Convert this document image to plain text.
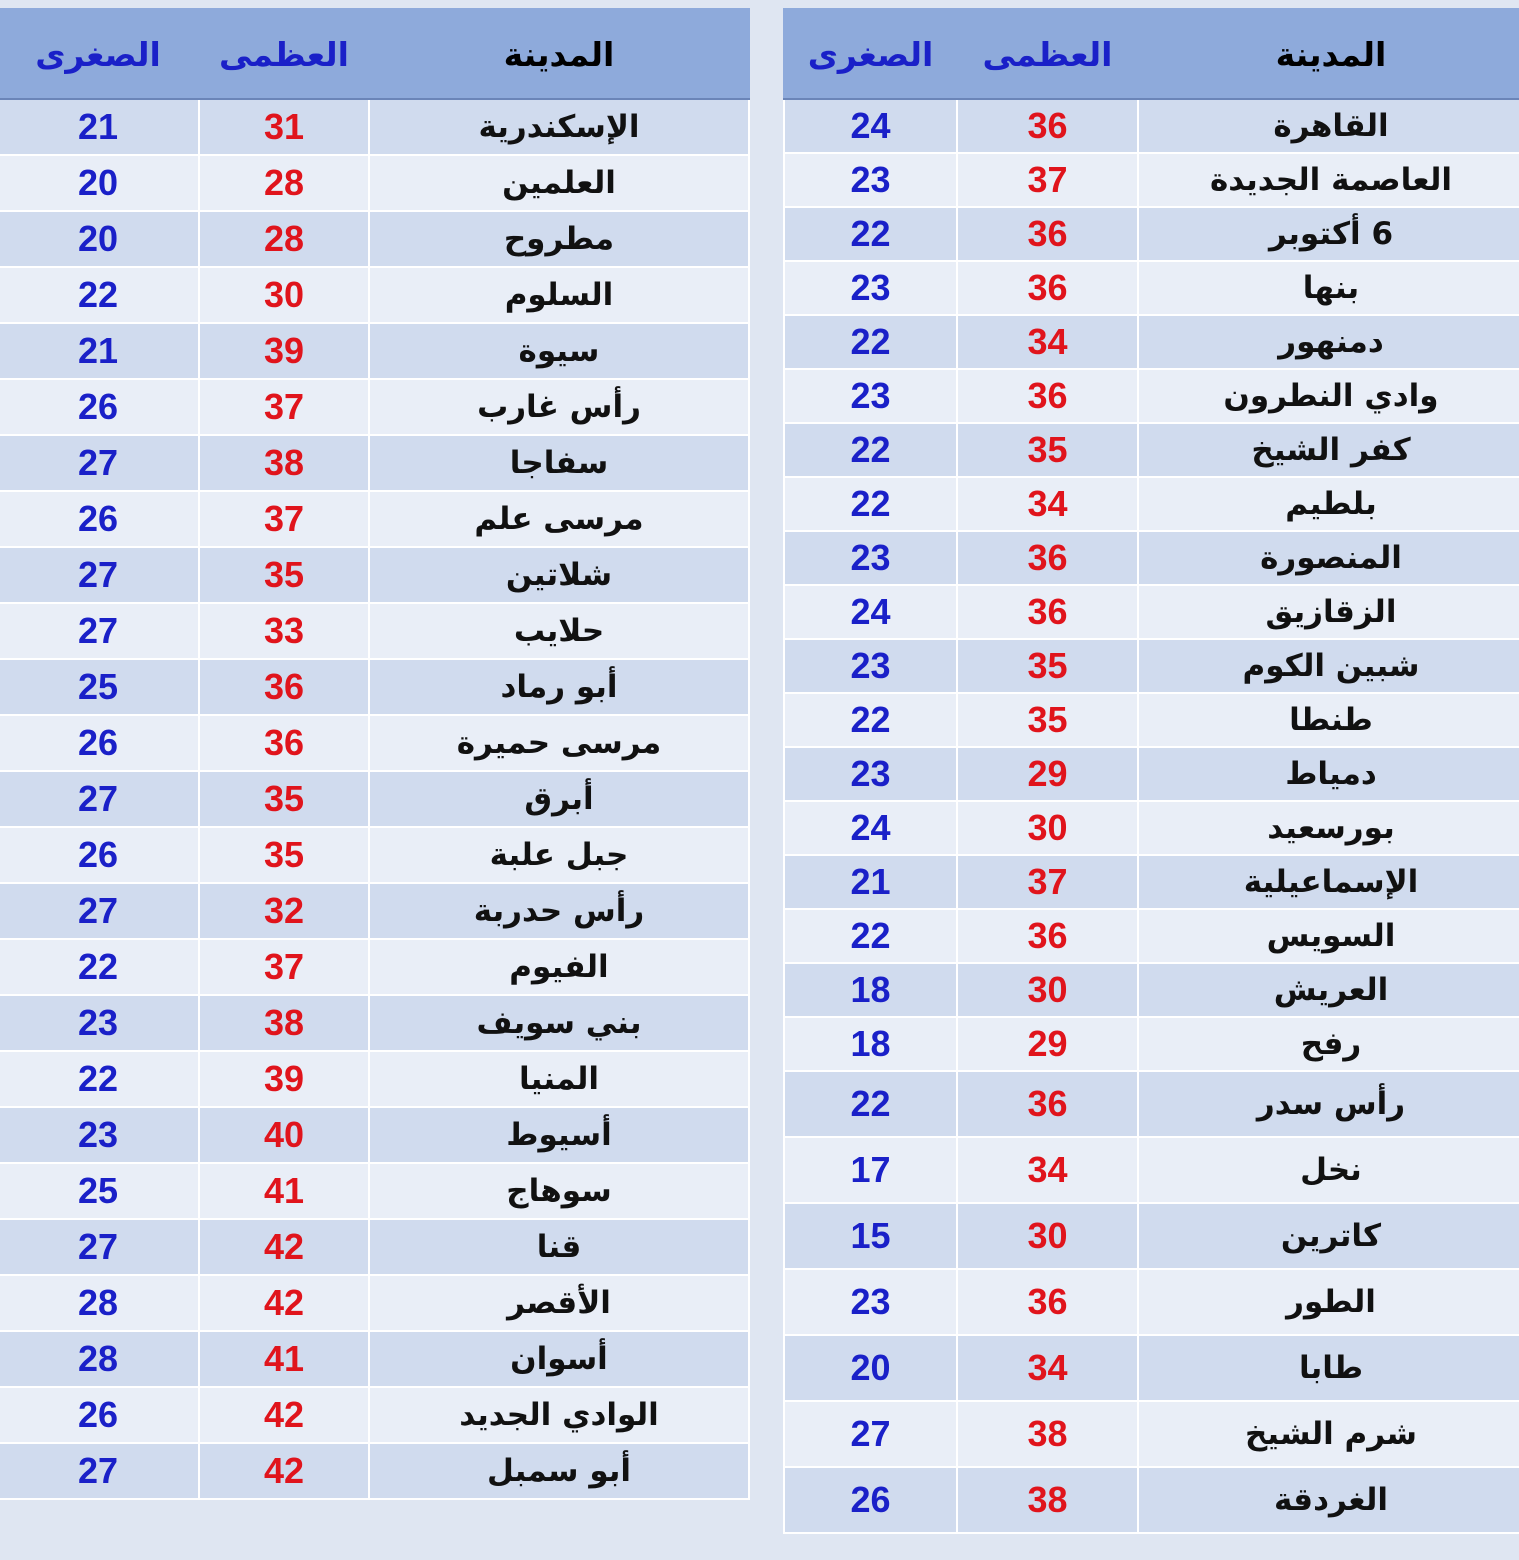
الصغرى	العظمى	المدينة
21	31	الإسكندرية
20	28	العلمين
20	28	مطروح
22	30	السلوم
21	39	سيوة
26	37	رأس غارب
27	38	سفاجا
26	37	مرسى علم
27	35	شلاتين
27	33	حلايب
25	36	أبو رماد
26	36	مرسى حميرة
27	35	أبرق
26	35	جبل علبة
27	32	رأس حدربة
22	37	الفيوم
23	38	بني سويف
22	39	المنيا
23	40	أسيوط
25	41	سوهاج
27	42	قنا
28	42	الأقصر
28	41	أسوان
26	42	الوادي الجديد
27	42	أبو سمبل
الصغرى	العظمى	المدينة
24	36	القاهرة
23	37	العاصمة الجديدة
22	36	6 أكتوبر
23	36	بنها
22	34	دمنهور
23	36	وادي النطرون
22	35	كفر الشيخ
22	34	بلطيم
23	36	المنصورة
24	36	الزقازيق
23	35	شبين الكوم
22	35	طنطا
23	29	دمياط
24	30	بورسعيد
21	37	الإسماعيلية
22	36	السويس
18	30	العريش
18	29	رفح
22	36	رأس سدر
17	34	نخل
15	30	كاترين
23	36	الطور
20	34	طابا
27	38	شرم الشيخ
26	38	الغردقة
